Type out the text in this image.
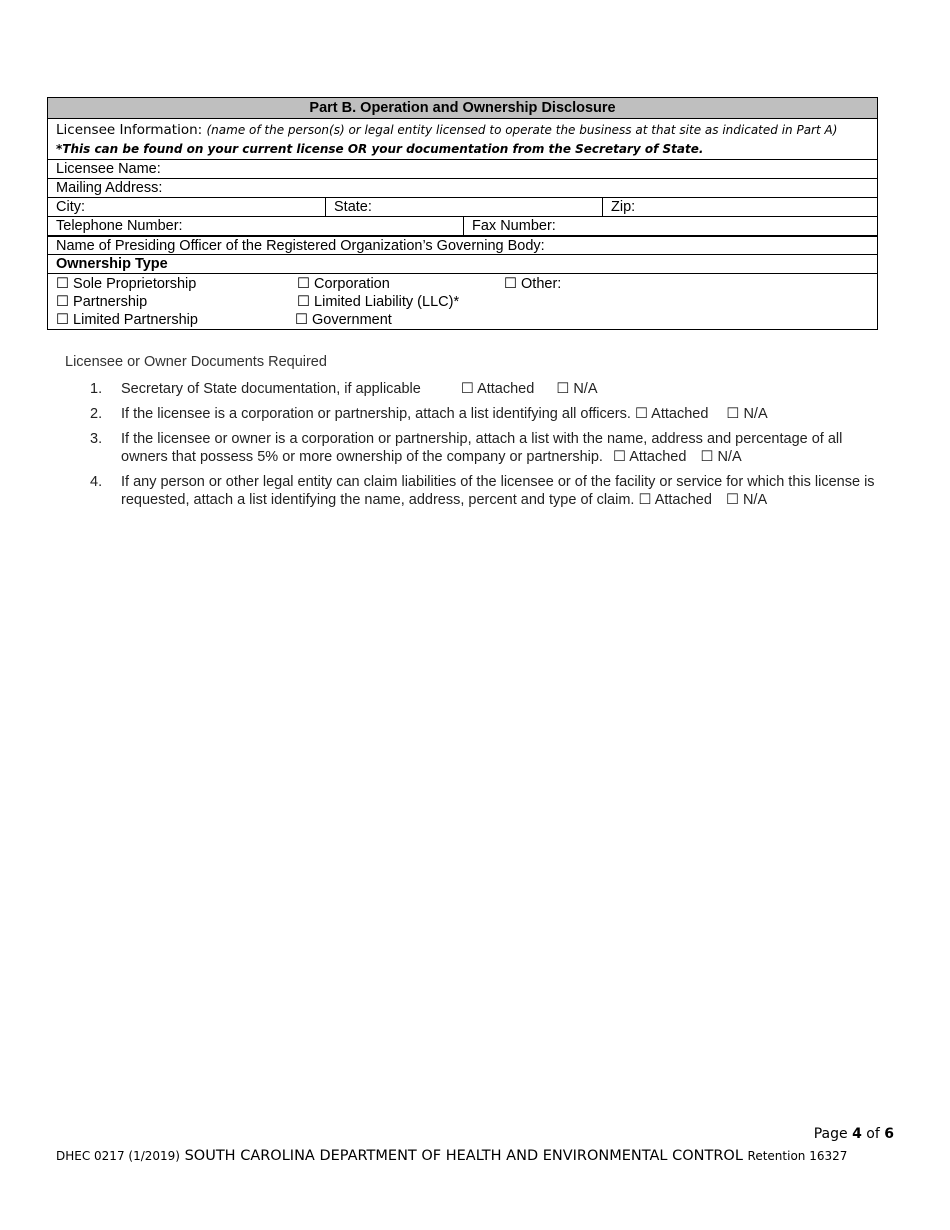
Part B. Operation and Ownership Disclosure
Licensee Information: (name of the person(s) or legal entity licensed to operate the business at that site as indicated in Part A)
*This can be found on your current license OR your documentation from the Secretary of State.
Licensee Name:
Mailing Address:
City:	State:	Zip:
Telephone Number:	Fax Number:
Name of Presiding Officer of the Registered Organization’s Governing Body:
Ownership Type
☐ Sole Proprietorship	☐ Corporation	☐ Other:
☐ Partnership	☐ Limited Liability (LLC)*
☐ Limited Partnership	☐ Government
Licensee or Owner Documents Required
1.	Secretary of State documentation, if applicable	☐ Attached ☐ N/A
2.	If the licensee is a corporation or partnership, attach a list identifying all officers. ☐ Attached ☐ N/A
3.	If the licensee or owner is a corporation or partnership, attach a list with the name, address and percentage of all owners that possess 5% or more ownership of the company or partnership. ☐ Attached ☐ N/A
4.	If any person or other legal entity can claim liabilities of the licensee or of the facility or service for which this license is requested, attach a list identifying the name, address, percent and type of claim. ☐ Attached ☐ N/A
Page 4 of 6
DHEC 0217 (1/2019) SOUTH CAROLINA DEPARTMENT OF HEALTH AND ENVIRONMENTAL CONTROL Retention 16327
